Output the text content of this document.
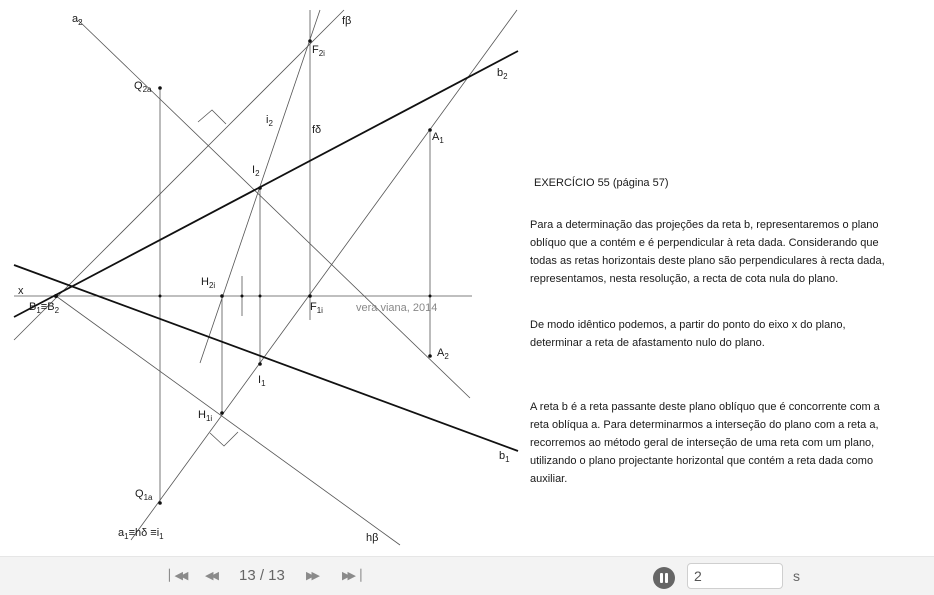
$a_2$	fβ
$F_{2i}$
$Q_{2a}$
$i_2$
fδ
$b_2$
$A_1$
$I_2$
x
$B_1\equiv B_2$
$H_{2i}$
$F_{1i}$
$A_2$
$I_1$
$H_{1i}$
$b_1$
$Q_{1a}$
$a_1\equiv h\delta \equiv i_1$	hβ
vera viana, 2014
EXERCÍCIO 55 (página 57)
Para a determinação das projeções da reta b, representaremos o plano oblíquo que a contém e é perpendicular à reta dada. Considerando que todas as retas horizontais deste plano são perpendiculares à recta dada, representamos, nesta resolução, a recta de cota nula do plano.
De modo idêntico podemos, a partir do ponto do eixo x do plano, determinar a reta de afastamento nulo do plano.
A reta b é a reta passante deste plano oblíquo que é concorrente com a reta oblíqua a. Para determinarmos a interseção do plano com a reta a, recorremos ao método geral de interseção de uma reta com um plano, utilizando o plano projectante horizontal que contém a reta dada como auxiliar.
▏◀◀ ◀◀ 13 / 13 ▶▶ ▶▶▕
2	s
